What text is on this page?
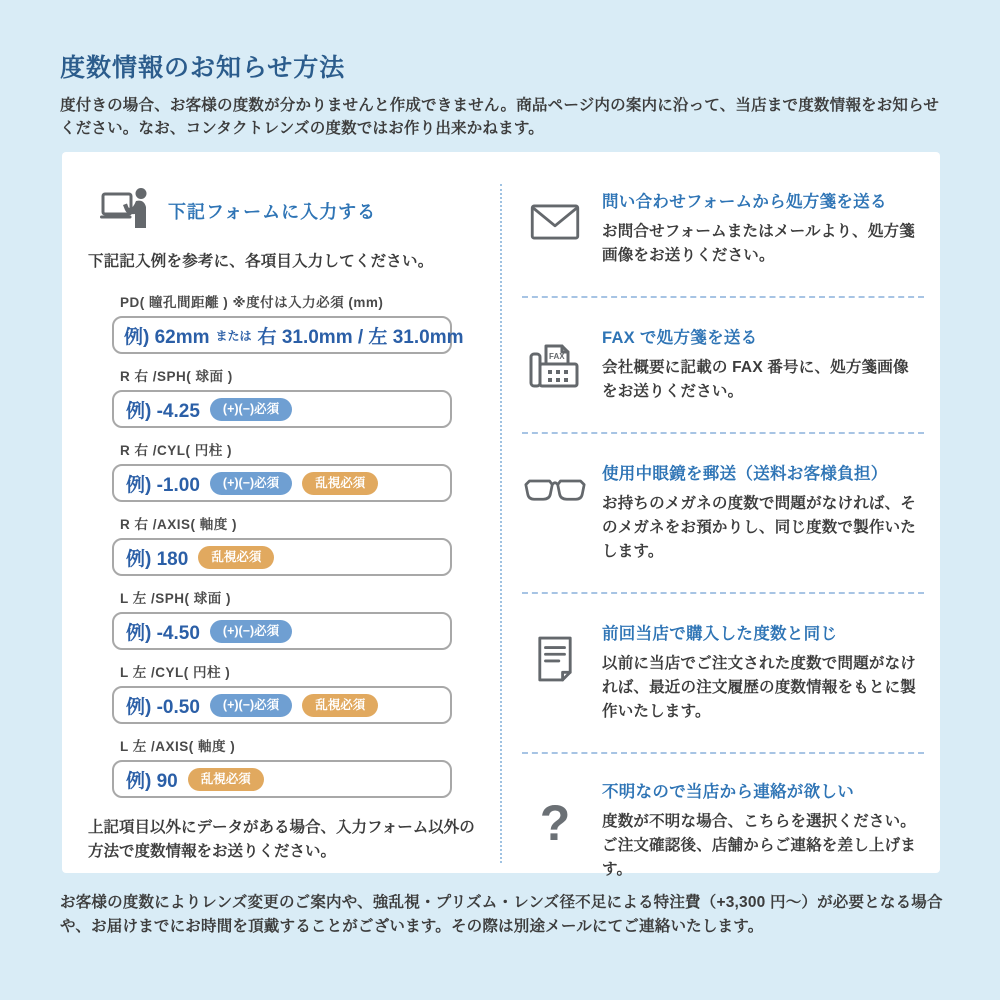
度数情報のお知らせ方法

度付きの場合、お客様の度数が分かりませんと作成できません。商品ページ内の案内に沿って、当店まで度数情報をお知らせください。なお、コンタクトレンズの度数ではお作り出来かねます。

下記フォームに入力する

下記記入例を参考に、各項目入力してください。

PD( 瞳孔間距離 ) ※度付は入力必須 (mm)
例) 62mm または 右 31.0mm / 左 31.0mm
R 右 /SPH( 球面 )
例) -4.25	(+)(−)必須
R 右 /CYL( 円柱 )
例) -1.00	(+)(−)必須	乱視必須
R 右 /AXIS( 軸度 )
例) 180	乱視必須
L 左 /SPH( 球面 )
例) -4.50	(+)(−)必須
L 左 /CYL( 円柱 )
例) -0.50	(+)(−)必須	乱視必須
L 左 /AXIS( 軸度 )
例) 90	乱視必須

上記項目以外にデータがある場合、入力フォーム以外の方法で度数情報をお送りください。

問い合わせフォームから処方箋を送る
お問合せフォームまたはメールより、処方箋画像をお送りください。
FAX
FAX で処方箋を送る
会社概要に記載の FAX 番号に、処方箋画像をお送りください。
使用中眼鏡を郵送（送料お客様負担）
お持ちのメガネの度数で問題がなければ、そのメガネをお預かりし、同じ度数で製作いたします。
前回当店で購入した度数と同じ
以前に当店でご注文された度数で問題がなければ、最近の注文履歴の度数情報をもとに製作いたします。
?
不明なので当店から連絡が欲しい
度数が不明な場合、こちらを選択ください。ご注文確認後、店舗からご連絡を差し上げます。

お客様の度数によりレンズ変更のご案内や、強乱視・プリズム・レンズ径不足による特注費（+3,300 円〜）が必要となる場合や、お届けまでにお時間を頂戴することがございます。その際は別途メールにてご連絡いたします。
